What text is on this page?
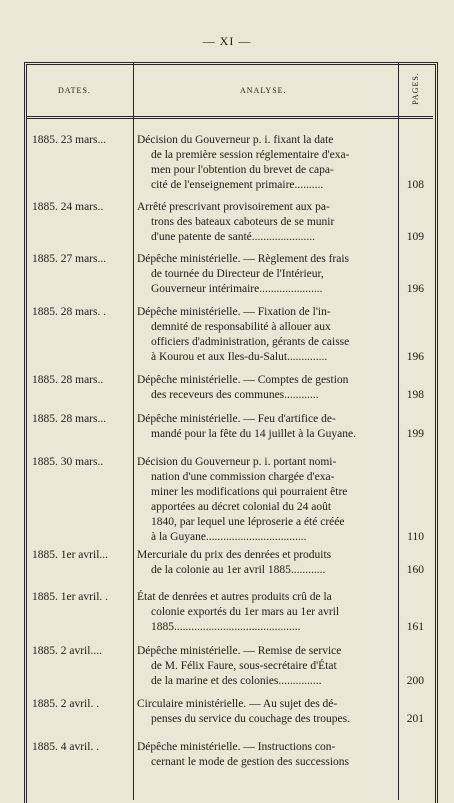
— XI —
DATES.	ANALYSE.	PAGES.
1885. 23 mars...	Décision du Gouverneur p. i. fixant la date
de la première session réglementaire d'exa-
men pour l'obtention du brevet de capa-
cité de l'enseignement primaire..........	108
1885. 24 mars..	Arrêté prescrivant provisoirement aux pa-
trons des bateaux caboteurs de se munir
d'une patente de santé......................	109
1885. 27 mars...	Dépêche ministérielle. — Règlement des frais
de tournée du Directeur de l'Intérieur,
Gouverneur intérimaire......................	196
1885. 28 mars. .	Dépêche ministérielle. — Fixation de l'in-
demnité de responsabilité à allouer aux
officiers d'administration, gérants de caisse
à Kourou et aux Iles-du-Salut..............	196
1885. 28 mars..	Dépêche ministérielle. — Comptes de gestion
des receveurs des communes............	198
1885. 28 mars...	Dépêche ministérielle. — Feu d'artifice de-
mandé pour la fête du 14 juillet à la Guyane.	199
1885. 30 mars..	Décision du Gouverneur p. i. portant nomi-
nation d'une commission chargée d'exa-
miner les modifications qui pourraient être
apportées au décret colonial du 24 août
1840, par lequel une léproserie a été créée
à la Guyane...................................	110
1885. 1er avril...	Mercuriale du prix des denrées et produits
de la colonie au 1er avril 1885............	160
1885. 1er avril. .	État de denrées et autres produits crû de la
colonie exportés du 1er mars au 1er avril
1885............................................	161
1885. 2 avril....	Dépêche ministérielle. — Remise de service
de M. Félix Faure, sous-secrétaire d'État
de la marine et des colonies...............	200
1885. 2 avril. .	Circulaire ministérielle. — Au sujet des dé-
penses du service du couchage des troupes.	201
1885. 4 avril. .	Dépêche ministérielle. — Instructions con-
cernant le mode de gestion des successions
